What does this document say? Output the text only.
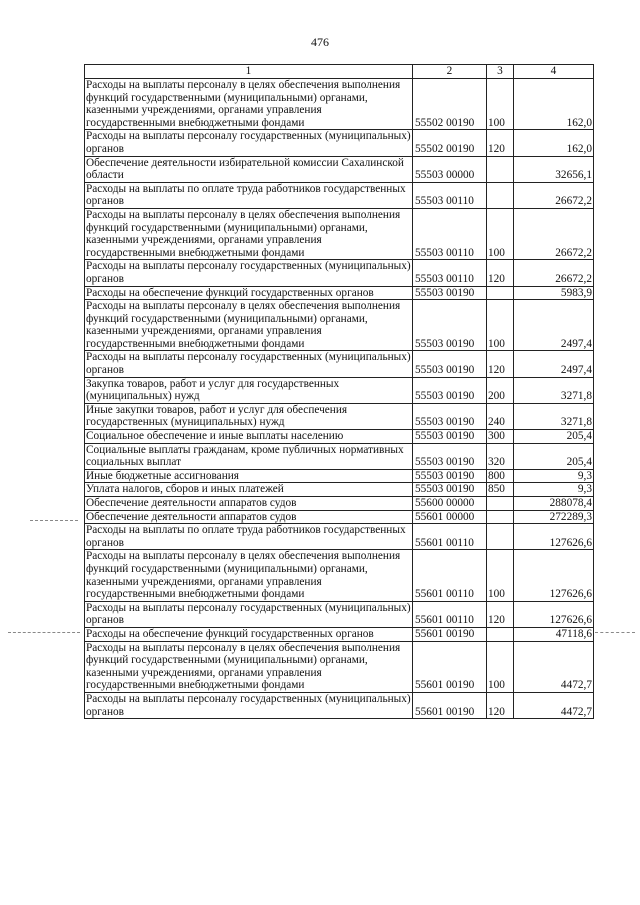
476
1	2	3	4
Расходы на выплаты персоналу в целях обеспечения выполнения функций государственными (муниципальными) органами, казенными учреждениями, органами управления государственными внебюджетными фондами	55502 00190	100	162,0
Расходы на выплаты персоналу государственных (муниципальных) органов	55502 00190	120	162,0
Обеспечение деятельности избирательной комиссии Сахалинской области	55503 00000		32656,1
Расходы на выплаты по оплате труда работников государственных органов	55503 00110		26672,2
Расходы на выплаты персоналу в целях обеспечения выполнения функций государственными (муниципальными) органами, казенными учреждениями, органами управления государственными внебюджетными фондами	55503 00110	100	26672,2
Расходы на выплаты персоналу государственных (муниципальных) органов	55503 00110	120	26672,2
Расходы на обеспечение функций государственных органов	55503 00190		5983,9
Расходы на выплаты персоналу в целях обеспечения выполнения функций государственными (муниципальными) органами, казенными учреждениями, органами управления государственными внебюджетными фондами	55503 00190	100	2497,4
Расходы на выплаты персоналу государственных (муниципальных) органов	55503 00190	120	2497,4
Закупка товаров, работ и услуг для государственных (муниципальных) нужд	55503 00190	200	3271,8
Иные закупки товаров, работ и услуг для обеспечения государственных (муниципальных) нужд	55503 00190	240	3271,8
Социальное обеспечение и иные выплаты населению	55503 00190	300	205,4
Социальные выплаты гражданам, кроме публичных нормативных социальных выплат	55503 00190	320	205,4
Иные бюджетные ассигнования	55503 00190	800	9,3
Уплата налогов, сборов и иных платежей	55503 00190	850	9,3
Обеспечение деятельности аппаратов судов	55600 00000		288078,4
Обеспечение деятельности аппаратов судов	55601 00000		272289,3
Расходы на выплаты по оплате труда работников государственных органов	55601 00110		127626,6
Расходы на выплаты персоналу в целях обеспечения выполнения функций государственными (муниципальными) органами, казенными учреждениями, органами управления государственными внебюджетными фондами	55601 00110	100	127626,6
Расходы на выплаты персоналу государственных (муниципальных) органов	55601 00110	120	127626,6
Расходы на обеспечение функций государственных органов	55601 00190		47118,6
Расходы на выплаты персоналу в целях обеспечения выполнения функций государственными (муниципальными) органами, казенными учреждениями, органами управления государственными внебюджетными фондами	55601 00190	100	4472,7
Расходы на выплаты персоналу государственных (муниципальных) органов	55601 00190	120	4472,7
